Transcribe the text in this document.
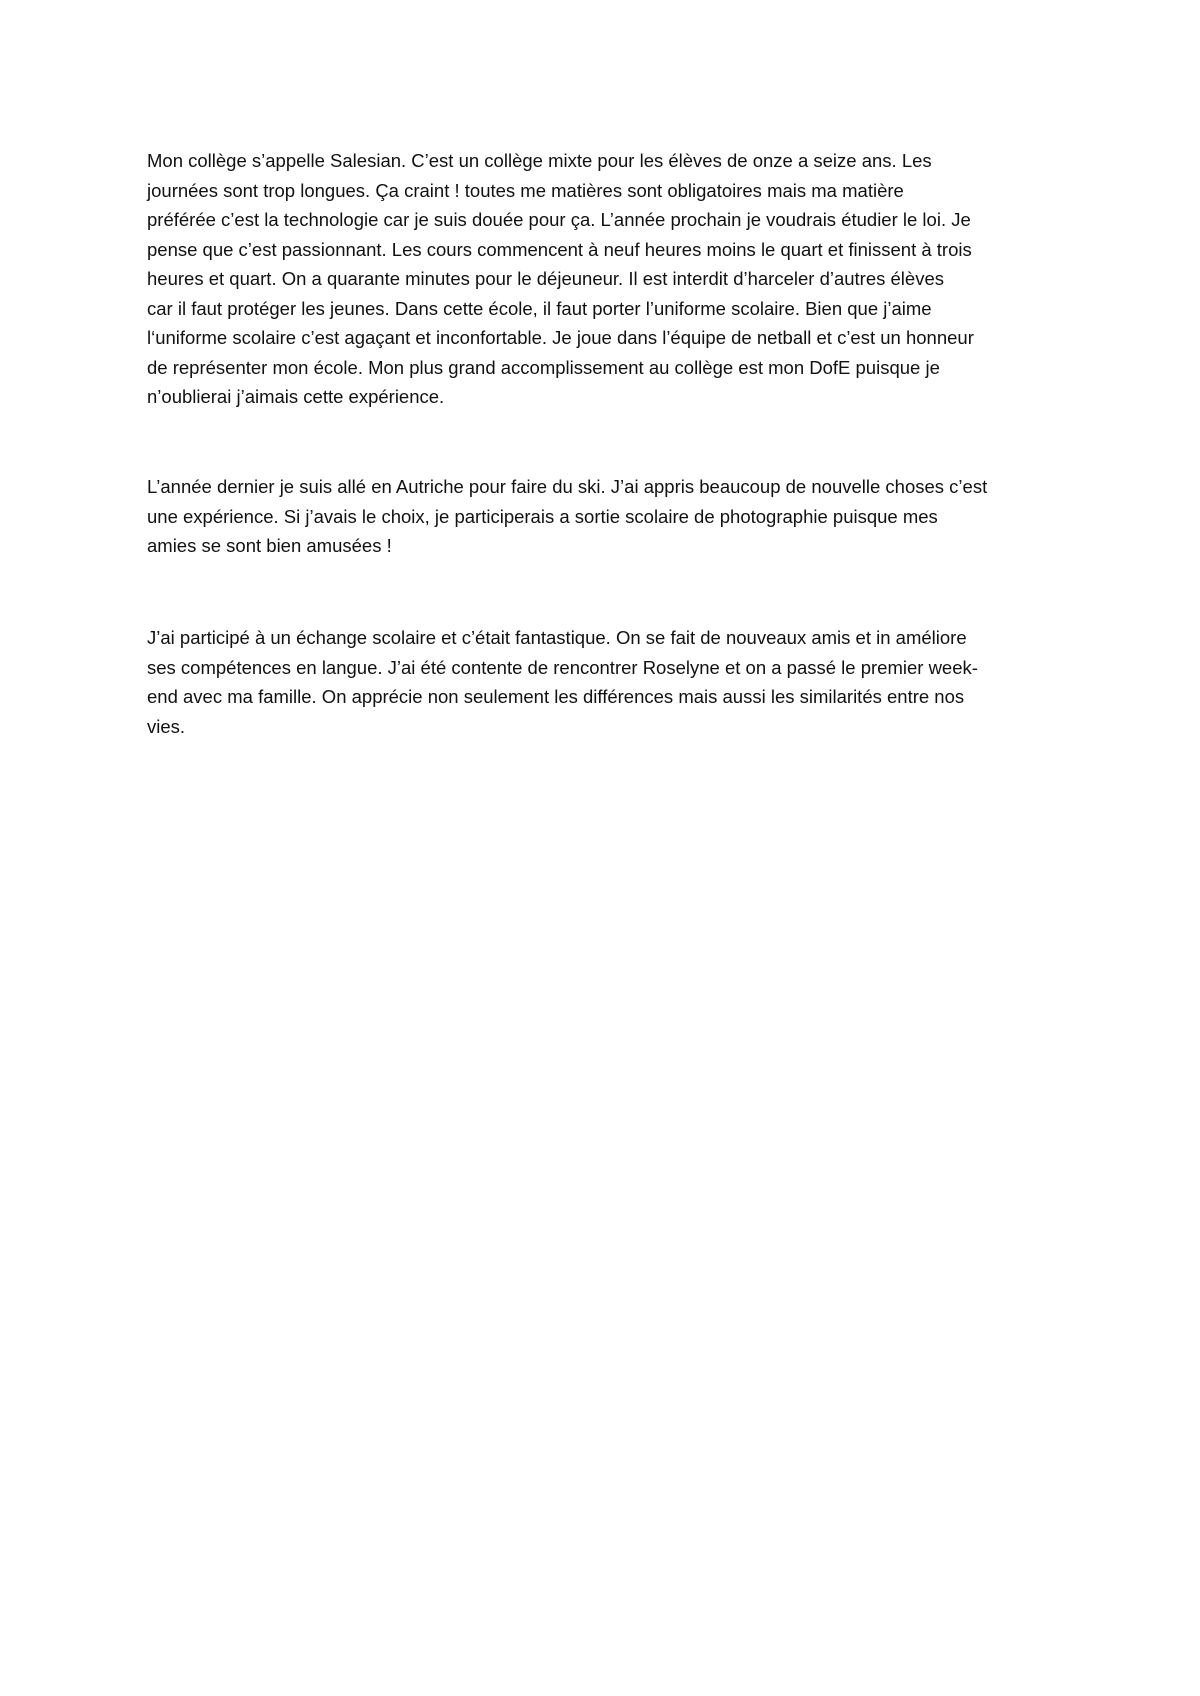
Mon collège s’appelle Salesian. C’est un collège mixte pour les élèves de onze a seize ans. Les
journées sont trop longues. Ça craint ! toutes me matières sont obligatoires mais ma matière
préférée c’est la technologie car je suis douée pour ça. L’année prochain je voudrais étudier le loi. Je
pense que c’est passionnant. Les cours commencent à neuf heures moins le quart et finissent à trois
heures et quart. On a quarante minutes pour le déjeuneur. Il est interdit d’harceler d’autres élèves
car il faut protéger les jeunes. Dans cette école, il faut porter l’uniforme scolaire. Bien que j’aime
l‘uniforme scolaire c’est agaçant et inconfortable. Je joue dans l’équipe de netball et c’est un honneur
de représenter mon école. Mon plus grand accomplissement au collège est mon DofE puisque je
n’oublierai j’aimais cette expérience.
L’année dernier je suis allé en Autriche pour faire du ski. J’ai appris beaucoup de nouvelle choses c’est
une expérience. Si j’avais le choix, je participerais a sortie scolaire de photographie puisque mes
amies se sont bien amusées !
J’ai participé à un échange scolaire et c’était fantastique. On se fait de nouveaux amis et in améliore
ses compétences en langue. J’ai été contente de rencontrer Roselyne et on a passé le premier week-
end avec ma famille. On apprécie non seulement les différences mais aussi les similarités entre nos
vies.
